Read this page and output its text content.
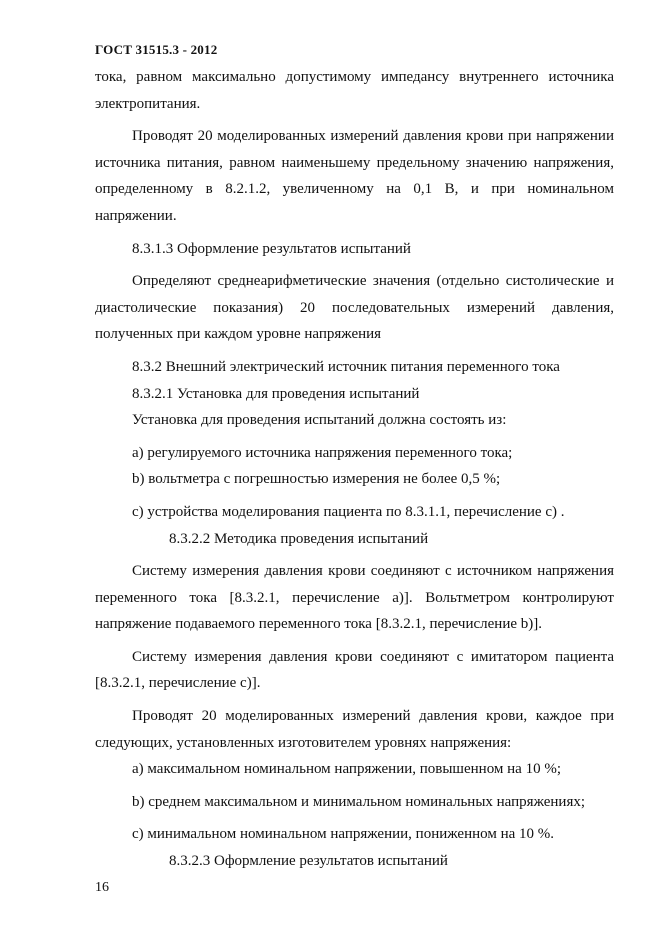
ГОСТ 31515.3 - 2012

тока, равном максимально допустимому импедансу внутреннего источника электропитания.

Проводят 20 моделированных измерений давления крови при напряжении источника питания, равном наименьшему предельному значению напряжения, определенному в 8.2.1.2, увеличенному на 0,1 В, и при номинальном напряжении.

8.3.1.3 Оформление результатов испытаний

Определяют среднеарифметические значения (отдельно систолические и диастолические показания) 20 последовательных измерений давления, полученных при каждом уровне напряжения

8.3.2 Внешний электрический источник питания переменного тока

8.3.2.1 Установка для проведения испытаний

Установка для проведения испытаний должна состоять из:

a) регулируемого источника напряжения переменного тока;

b) вольтметра с погрешностью измерения не более 0,5 %;

c) устройства моделирования пациента по 8.3.1.1, перечисление c) .

8.3.2.2 Методика проведения испытаний

Систему измерения давления крови соединяют с источником напряжения переменного тока [8.3.2.1, перечисление a)]. Вольтметром контролируют напряжение подаваемого переменного тока [8.3.2.1, перечисление b)].

Систему измерения давления крови соединяют с имитатором пациента [8.3.2.1, перечисление c)].

Проводят 20 моделированных измерений давления крови, каждое при следующих, установленных изготовителем уровнях напряжения:

a) максимальном номинальном напряжении, повышенном на 10 %;

b) среднем максимальном и минимальном номинальных напряжениях;

c) минимальном номинальном напряжении, пониженном на 10 %.

8.3.2.3 Оформление результатов испытаний

16
